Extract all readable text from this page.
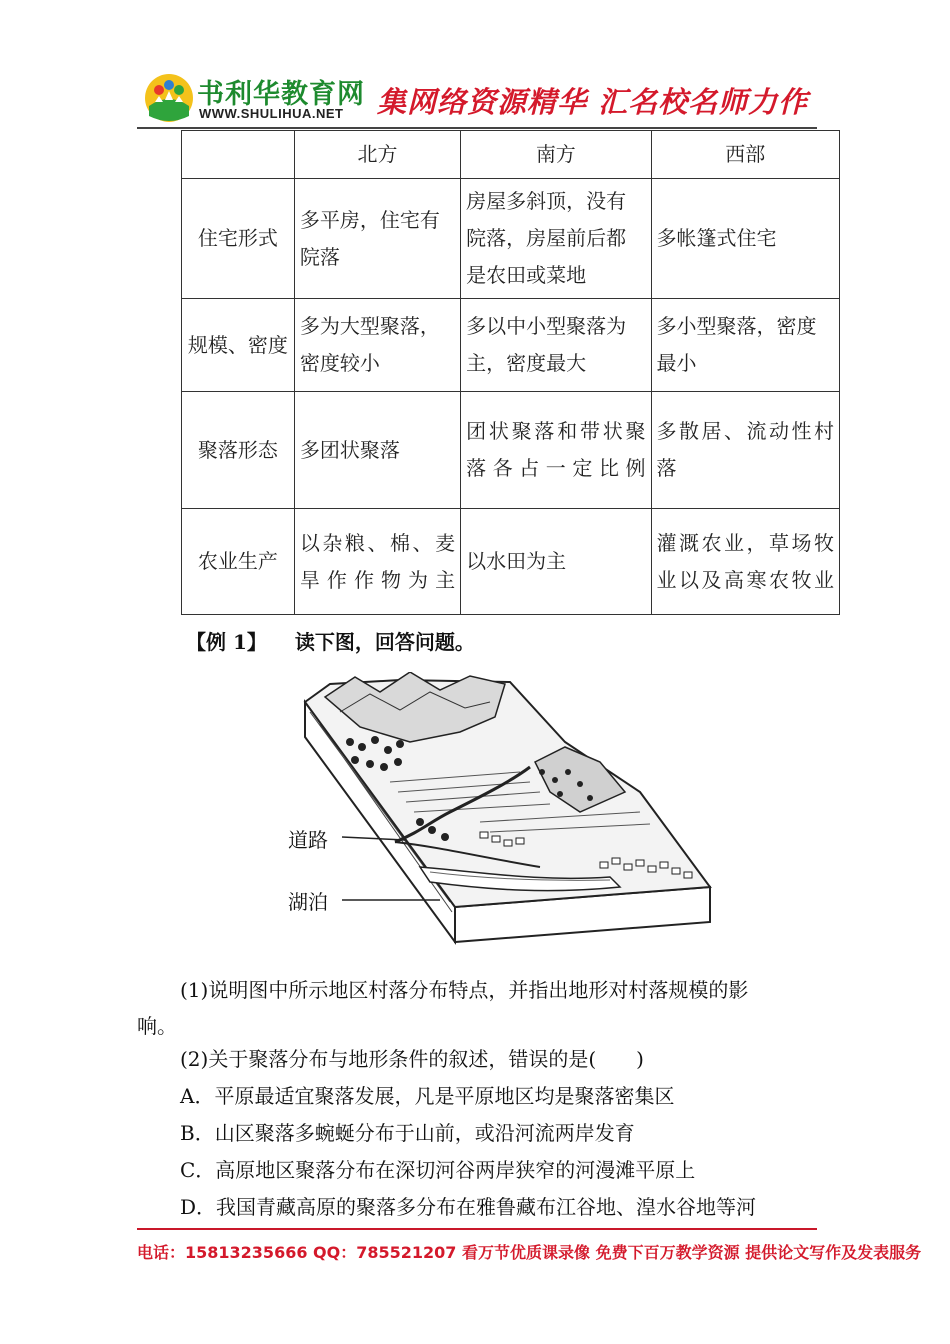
书利华教育网
WWW.SHULIHUA.NET 集网络资源精华 汇名校名师力作
	北方	南方	西部
住宅形式	多平房，住宅有院落	房屋多斜顶，没有院落，房屋前后都是农田或菜地	多帐篷式住宅
规模、密度	多为大型聚落，密度较小	多以中小型聚落为主，密度最大	多小型聚落，密度最小
聚落形态	多团状聚落	团状聚落和带状聚落各占一定比例	多散居、流动性村落
农业生产	以杂粮、棉、麦旱作作物为主	以水田为主	灌溉农业，草场牧业以及高寒农牧业
【例 1】 读下图，回答问题。
道路
湖泊
(1)说明图中所示地区村落分布特点，并指出地形对村落规模的影
响。
(2)关于聚落分布与地形条件的叙述，错误的是(　　)
A．平原最适宜聚落发展，凡是平原地区均是聚落密集区
B．山区聚落多蜿蜒分布于山前，或沿河流两岸发育
C．高原地区聚落分布在深切河谷两岸狭窄的河漫滩平原上
D．我国青藏高原的聚落多分布在雅鲁藏布江谷地、湟水谷地等河
电话：15813235666 QQ：785521207 看万节优质课录像 免费下百万教学资源 提供论文写作及发表服务
